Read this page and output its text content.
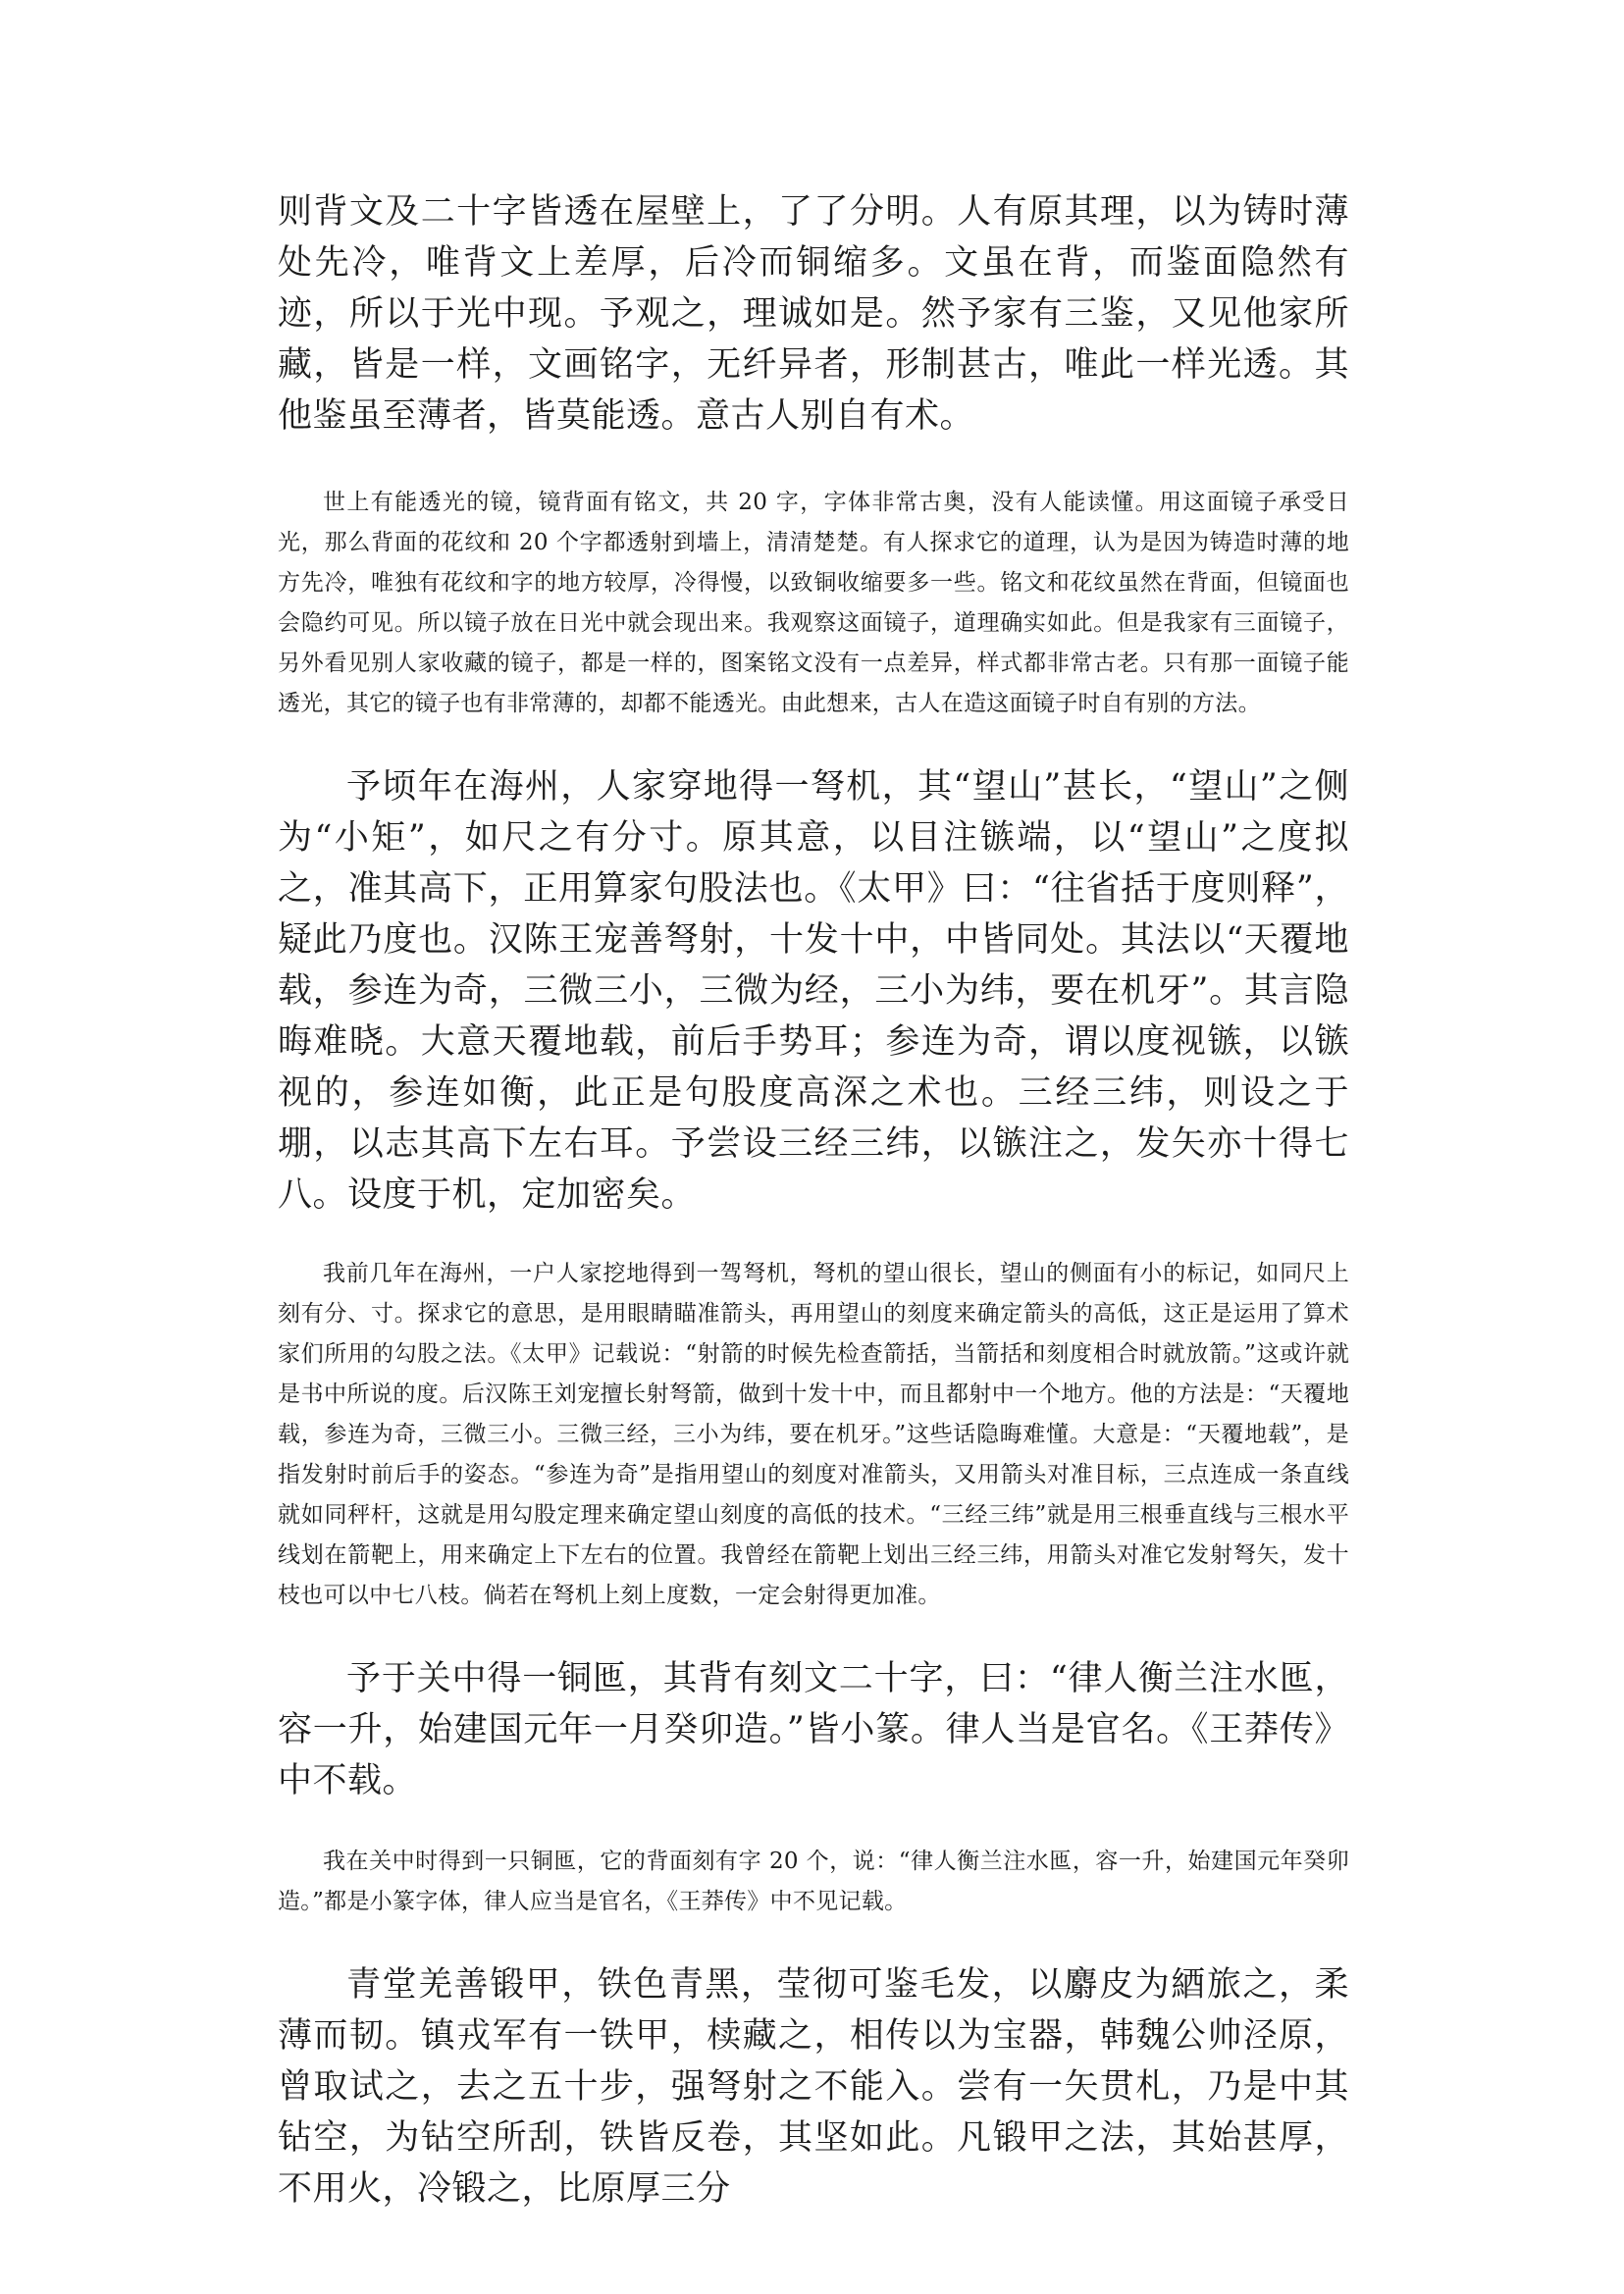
则背文及二十字皆透在屋壁上，了了分明。人有原其理，以为铸时薄处先冷，唯背文上差厚，后冷而铜缩多。文虽在背，而鉴面隐然有迹，所以于光中现。予观之，理诚如是。然予家有三鉴，又见他家所藏，皆是一样，文画铭字，无纤异者，形制甚古，唯此一样光透。其他鉴虽至薄者，皆莫能透。意古人别自有术。

世上有能透光的镜，镜背面有铭文，共 20 字，字体非常古奥，没有人能读懂。用这面镜子承受日光，那么背面的花纹和 20 个字都透射到墙上，清清楚楚。有人探求它的道理，认为是因为铸造时薄的地方先冷，唯独有花纹和字的地方较厚，冷得慢，以致铜收缩要多一些。铭文和花纹虽然在背面，但镜面也会隐约可见。所以镜子放在日光中就会现出来。我观察这面镜子，道理确实如此。但是我家有三面镜子，另外看见别人家收藏的镜子，都是一样的，图案铭文没有一点差异，样式都非常古老。只有那一面镜子能透光，其它的镜子也有非常薄的，却都不能透光。由此想来，古人在造这面镜子时自有别的方法。

予顷年在海州，人家穿地得一弩机，其“望山”甚长，“望山”之侧为“小矩”，如尺之有分寸。原其意，以目注镞端，以“望山”之度拟之，准其高下，正用算家句股法也。《太甲》曰：“往省括于度则释”，疑此乃度也。汉陈王宠善弩射，十发十中，中皆同处。其法以“天覆地载，参连为奇，三微三小，三微为经，三小为纬，要在机牙”。其言隐晦难晓。大意天覆地载，前后手势耳；参连为奇，谓以度视镞，以镞视的，参连如衡，此正是句股度高深之术也。三经三纬，则设之于堋，以志其高下左右耳。予尝设三经三纬，以镞注之，发矢亦十得七八。设度于机，定加密矣。

我前几年在海州，一户人家挖地得到一驾弩机，弩机的望山很长，望山的侧面有小的标记，如同尺上刻有分、寸。探求它的意思，是用眼睛瞄准箭头，再用望山的刻度来确定箭头的高低，这正是运用了算术家们所用的勾股之法。《太甲》记载说：“射箭的时候先检查箭括，当箭括和刻度相合时就放箭。”这或许就是书中所说的度。后汉陈王刘宠擅长射弩箭，做到十发十中，而且都射中一个地方。他的方法是：“天覆地载，参连为奇，三微三小。三微三经，三小为纬，要在机牙。”这些话隐晦难懂。大意是：“天覆地载”，是指发射时前后手的姿态。“参连为奇”是指用望山的刻度对准箭头，又用箭头对准目标，三点连成一条直线就如同秤杆，这就是用勾股定理来确定望山刻度的高低的技术。“三经三纬”就是用三根垂直线与三根水平线划在箭靶上，用来确定上下左右的位置。我曾经在箭靶上划出三经三纬，用箭头对准它发射弩矢，发十枝也可以中七八枝。倘若在弩机上刻上度数，一定会射得更加准。

予于关中得一铜匜，其背有刻文二十字，曰：“律人衡兰注水匜，容一升，始建国元年一月癸卯造。”皆小篆。律人当是官名。《王莽传》中不载。

我在关中时得到一只铜匜，它的背面刻有字 20 个，说：“律人衡兰注水匜，容一升，始建国元年癸卯造。”都是小篆字体，律人应当是官名，《王莽传》中不见记载。

青堂羌善锻甲，铁色青黑，莹彻可鉴毛发，以麝皮为綇旅之，柔薄而韧。镇戎军有一铁甲，椟藏之，相传以为宝器，韩魏公帅泾原，曾取试之，去之五十步，强弩射之不能入。尝有一矢贯札，乃是中其钻空，为钻空所刮，铁皆反卷，其坚如此。凡锻甲之法，其始甚厚，不用火，冷锻之，比原厚三分
